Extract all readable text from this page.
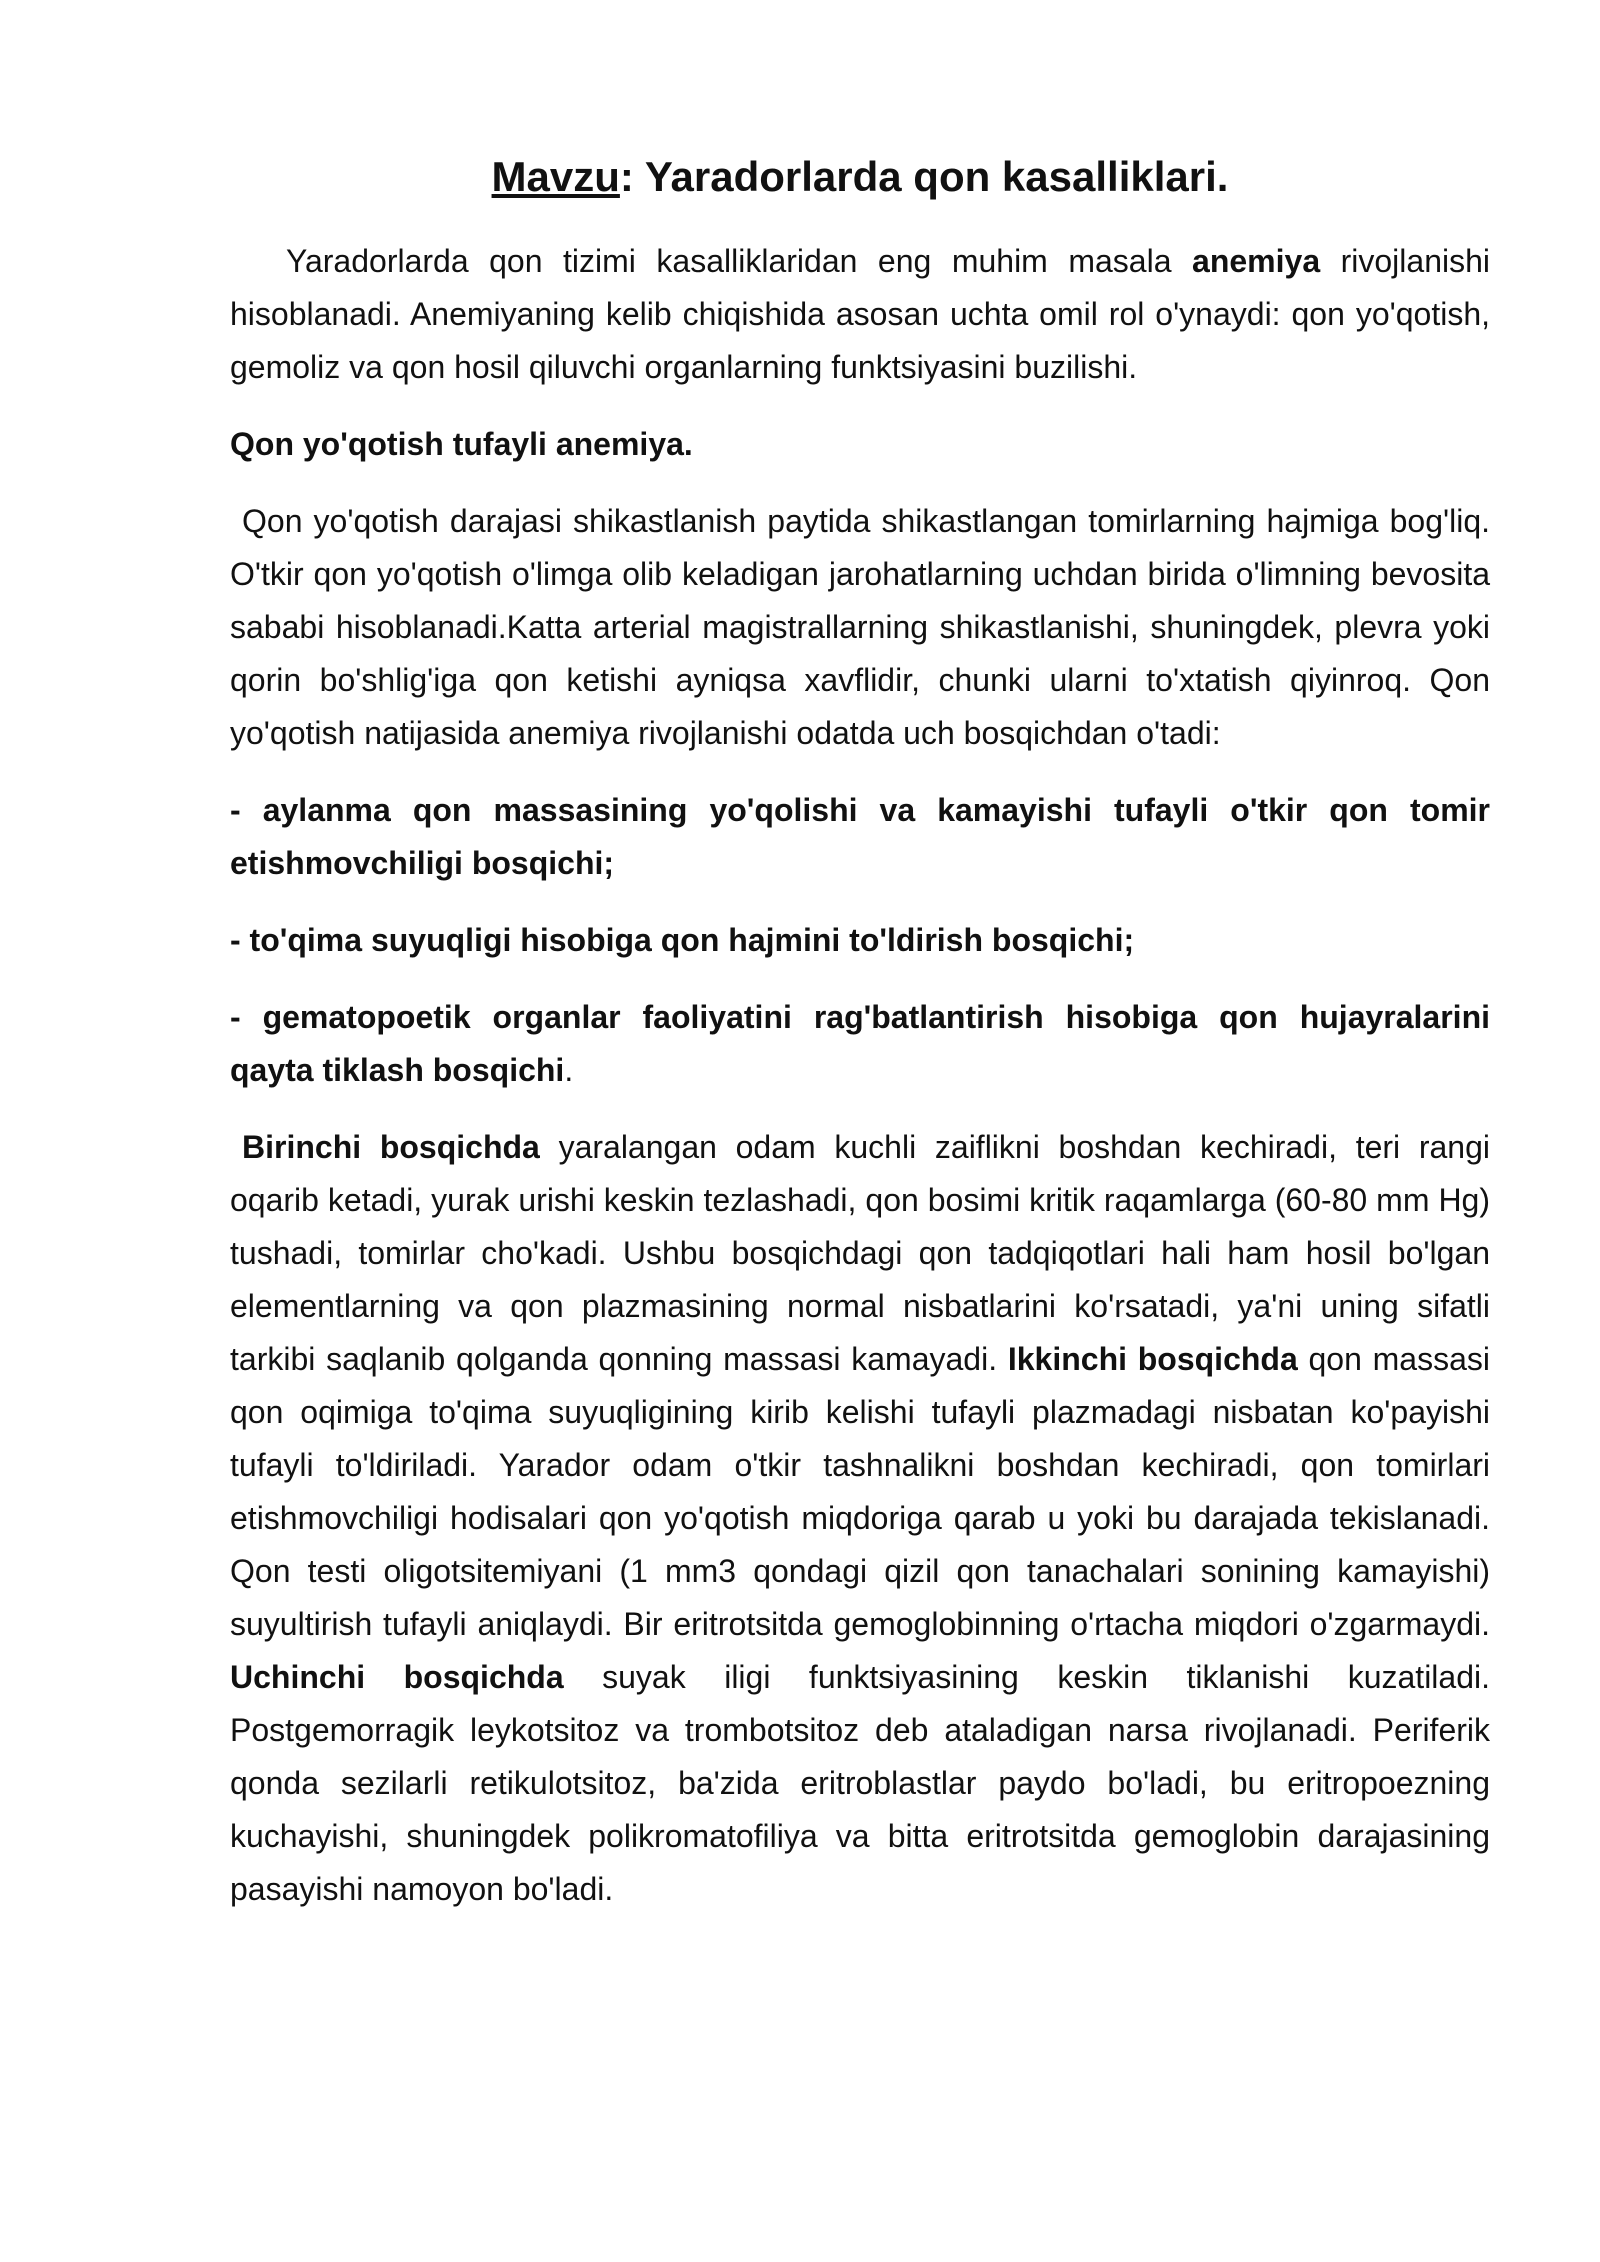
Mavzu: Yaradorlarda qon kasalliklari.

Yaradorlarda qon tizimi kasalliklaridan eng muhim masala anemiya rivojlanishi hisoblanadi. Anemiyaning kelib chiqishida asosan uchta omil rol o'ynaydi: qon yo'qotish, gemoliz va qon hosil qiluvchi organlarning funktsiyasini buzilishi.

Qon yo'qotish tufayli anemiya.

Qon yo'qotish darajasi shikastlanish paytida shikastlangan tomirlarning hajmiga bog'liq. O'tkir qon yo'qotish o'limga olib keladigan jarohatlarning uchdan birida o'limning bevosita sababi hisoblanadi.Katta arterial magistrallarning shikastlanishi, shuningdek, plevra yoki qorin bo'shlig'iga qon ketishi ayniqsa xavflidir, chunki ularni to'xtatish qiyinroq. Qon yo'qotish natijasida anemiya rivojlanishi odatda uch bosqichdan o'tadi:

- aylanma qon massasining yo'qolishi va kamayishi tufayli o'tkir qon tomir etishmovchiligi bosqichi;

- to'qima suyuqligi hisobiga qon hajmini to'ldirish bosqichi;

- gematopoetik organlar faoliyatini rag'batlantirish hisobiga qon hujayralarini qayta tiklash bosqichi.

Birinchi bosqichda yaralangan odam kuchli zaiflikni boshdan kechiradi, teri rangi oqarib ketadi, yurak urishi keskin tezlashadi, qon bosimi kritik raqamlarga (60-80 mm Hg) tushadi, tomirlar cho'kadi. Ushbu bosqichdagi qon tadqiqotlari hali ham hosil bo'lgan elementlarning va qon plazmasining normal nisbatlarini ko'rsatadi, ya'ni uning sifatli tarkibi saqlanib qolganda qonning massasi kamayadi. Ikkinchi bosqichda qon massasi qon oqimiga to'qima suyuqligining kirib kelishi tufayli plazmadagi nisbatan ko'payishi tufayli to'ldiriladi. Yarador odam o'tkir tashnalikni boshdan kechiradi, qon tomirlari etishmovchiligi hodisalari qon yo'qotish miqdoriga qarab u yoki bu darajada tekislanadi. Qon testi oligotsitemiyani (1 mm3 qondagi qizil qon tanachalari sonining kamayishi) suyultirish tufayli aniqlaydi. Bir eritrotsitda gemoglobinning o'rtacha miqdori o'zgarmaydi. Uchinchi bosqichda suyak iligi funktsiyasining keskin tiklanishi kuzatiladi. Postgemorragik leykotsitoz va trombotsitoz deb ataladigan narsa rivojlanadi. Periferik qonda sezilarli retikulotsitoz, ba'zida eritroblastlar paydo bo'ladi, bu eritropoezning kuchayishi, shuningdek polikromatofiliya va bitta eritrotsitda gemoglobin darajasining pasayishi namoyon bo'ladi.
